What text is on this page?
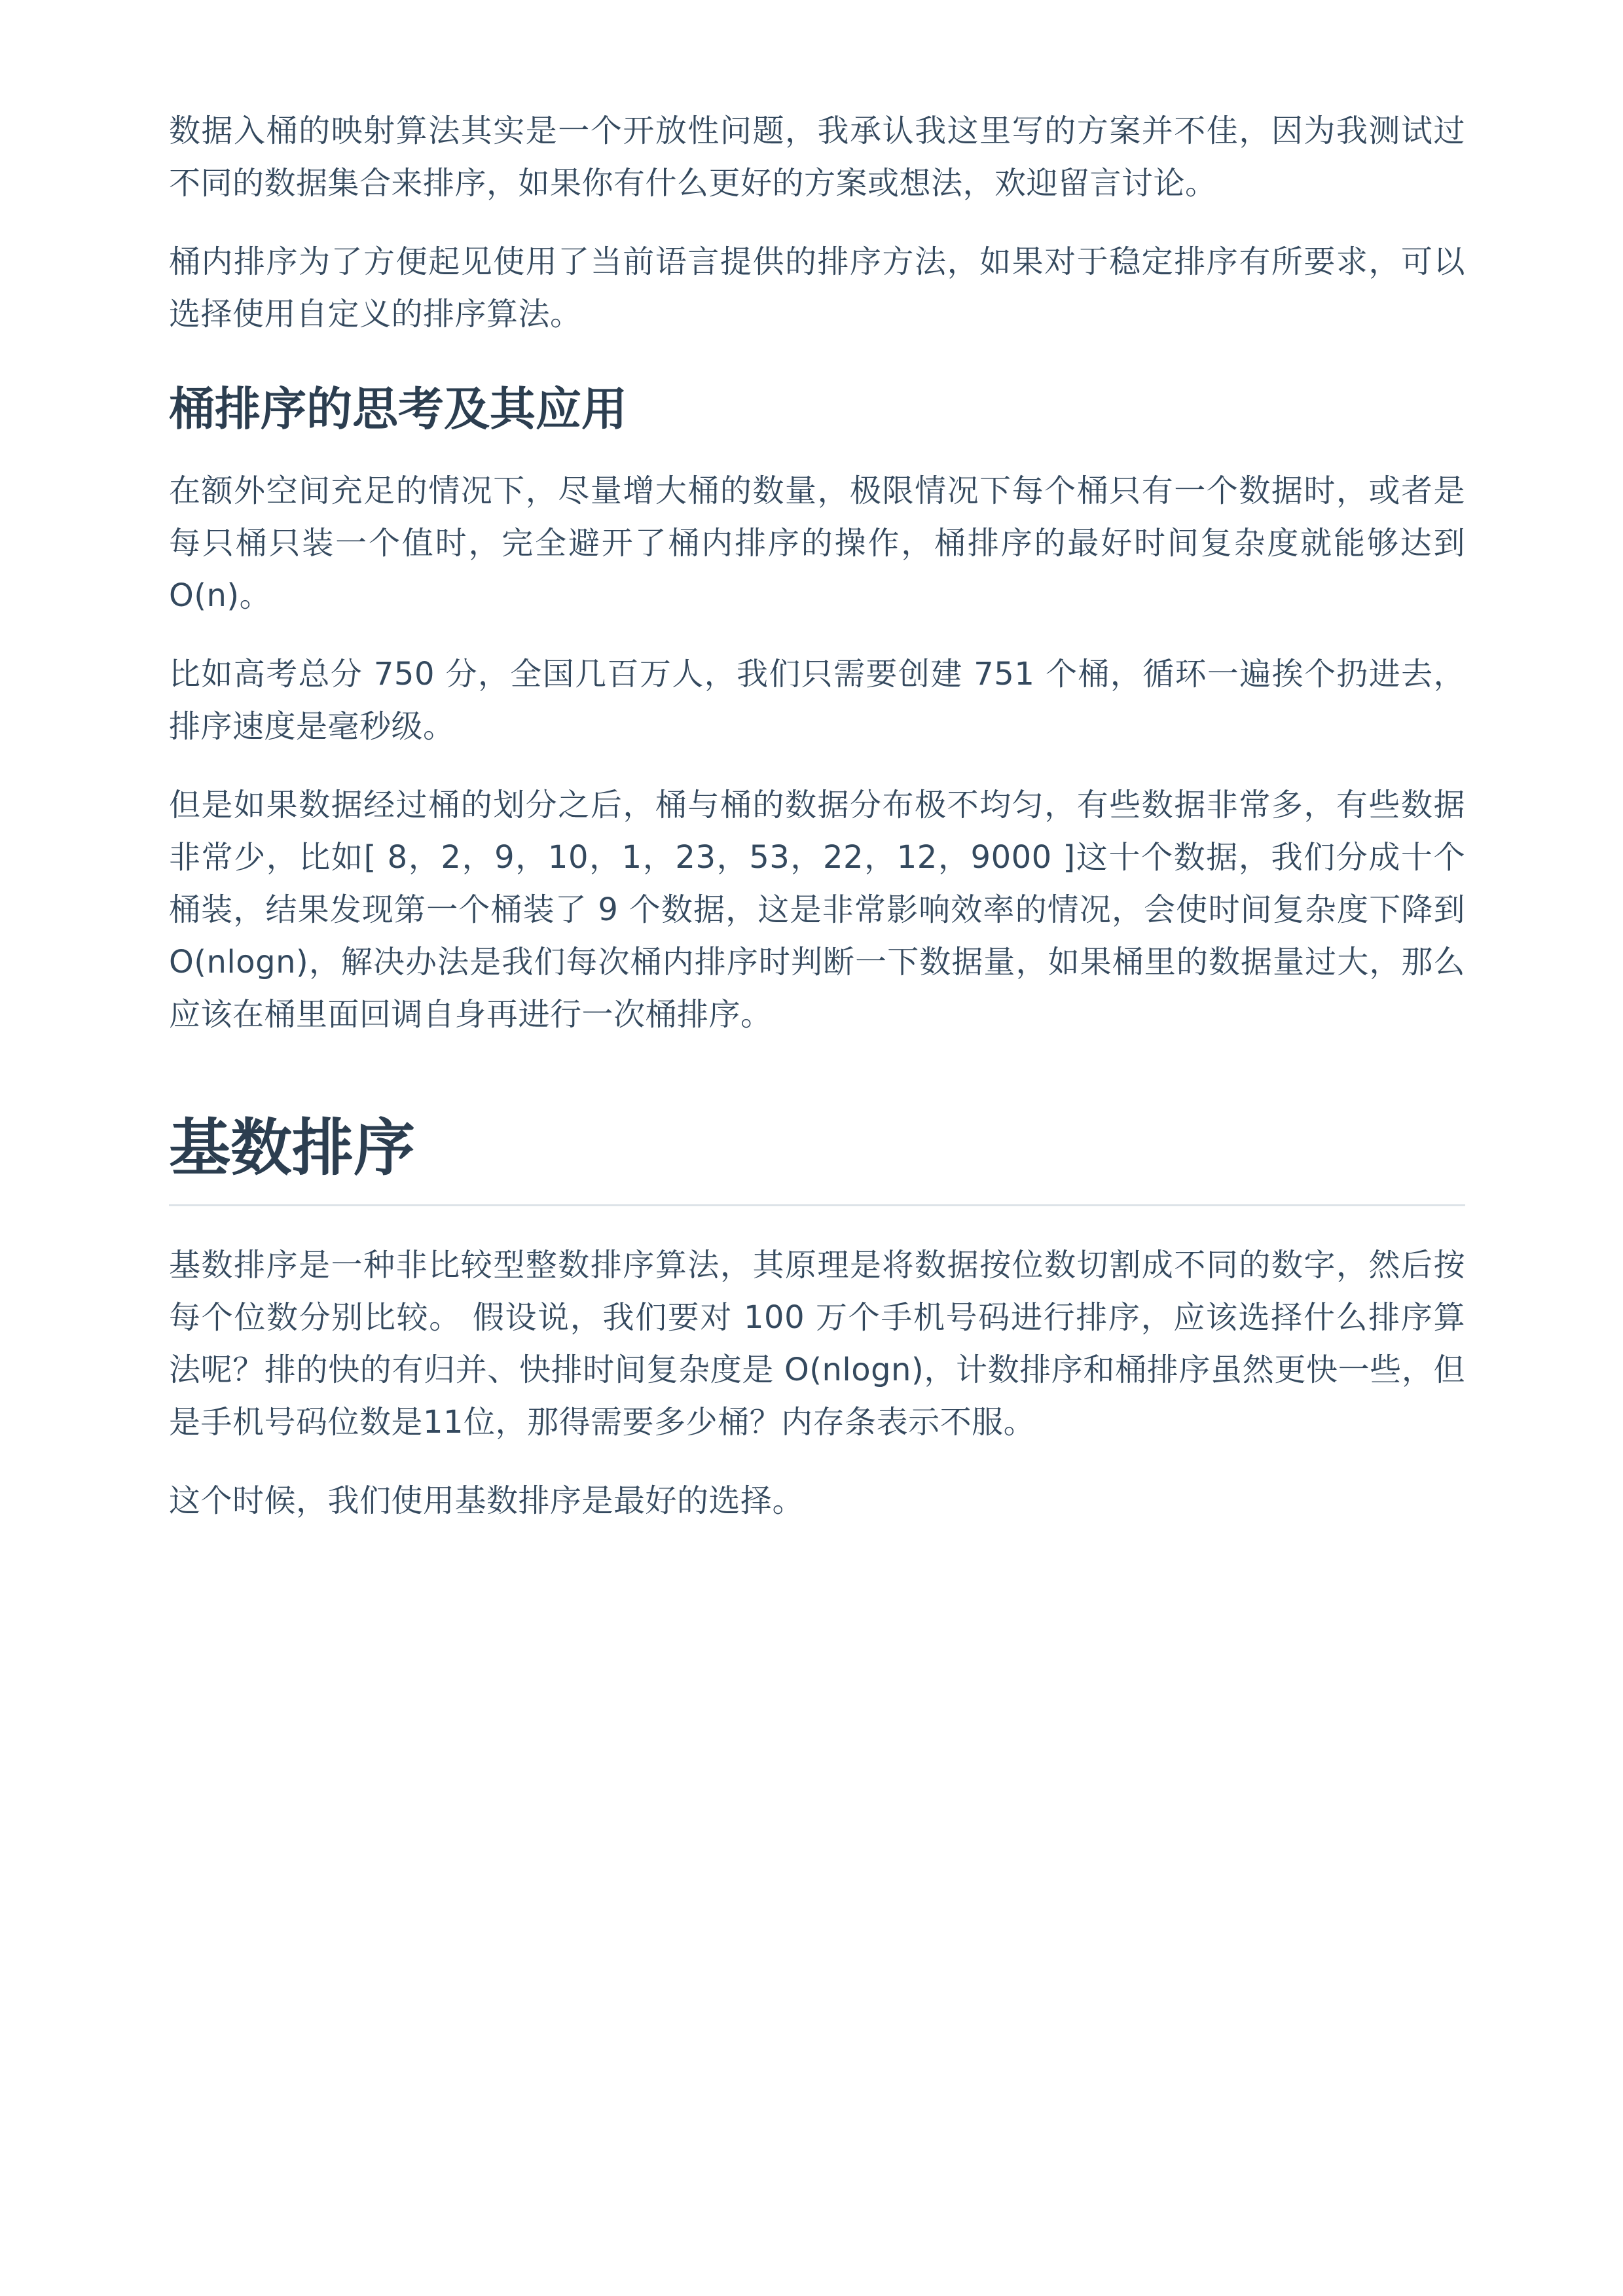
数据入桶的映射算法其实是一个开放性问题，我承认我这里写的方案并不佳，因为我测试过不同的数据集合来排序，如果你有什么更好的方案或想法，欢迎留言讨论。

桶内排序为了方便起见使用了当前语言提供的排序方法，如果对于稳定排序有所要求，可以选择使用自定义的排序算法。

桶排序的思考及其应用

在额外空间充足的情况下，尽量增大桶的数量，极限情况下每个桶只有一个数据时，或者是每只桶只装一个值时，完全避开了桶内排序的操作，桶排序的最好时间复杂度就能够达到 O(n)。

比如高考总分 750 分，全国几百万人，我们只需要创建 751 个桶，循环一遍挨个扔进去，排序速度是毫秒级。

但是如果数据经过桶的划分之后，桶与桶的数据分布极不均匀，有些数据非常多，有些数据非常少，比如[ 8，2，9，10，1，23，53，22，12，9000 ]这十个数据，我们分成十个桶装，结果发现第一个桶装了 9 个数据，这是非常影响效率的情况，会使时间复杂度下降到 O(nlogn)，解决办法是我们每次桶内排序时判断一下数据量，如果桶里的数据量过大，那么应该在桶里面回调自身再进行一次桶排序。

基数排序

基数排序是一种非比较型整数排序算法，其原理是将数据按位数切割成不同的数字，然后按每个位数分别比较。 假设说，我们要对 100 万个手机号码进行排序，应该选择什么排序算法呢？排的快的有归并、快排时间复杂度是 O(nlogn)，计数排序和桶排序虽然更快一些，但是手机号码位数是11位，那得需要多少桶？内存条表示不服。

这个时候，我们使用基数排序是最好的选择。
